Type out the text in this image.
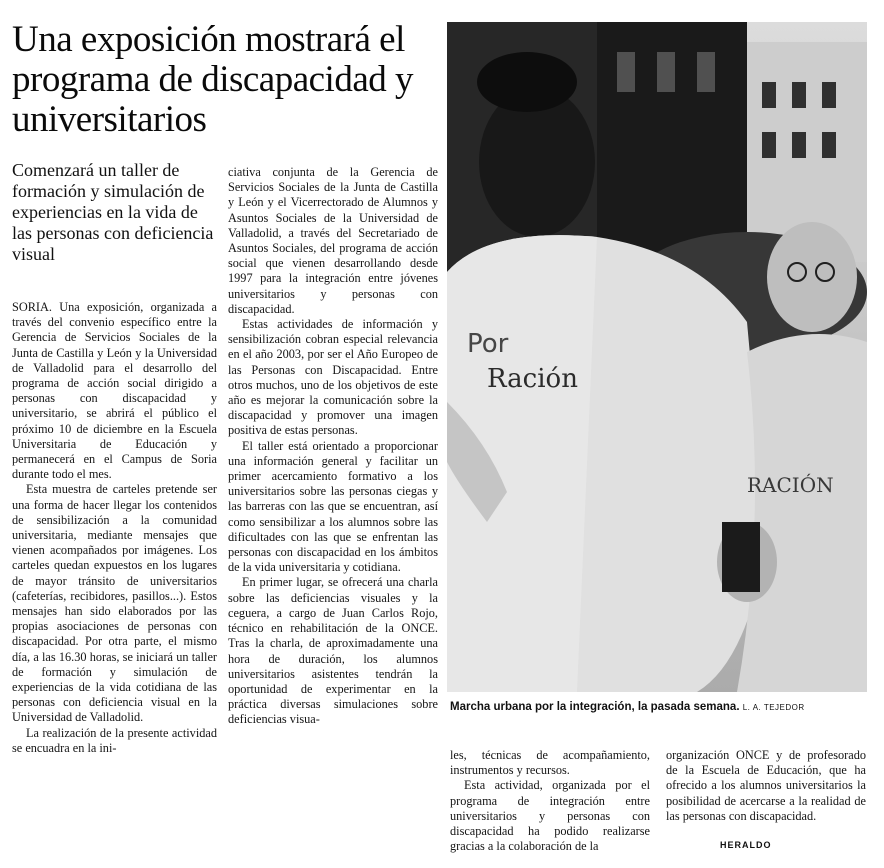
Una exposición mostrará el programa de discapacidad y universitarios

Comenzará un taller de formación y simulación de experiencias en la vida de las personas con deficiencia visual

SORIA. Una exposición, organizada a través del convenio específico entre la Gerencia de Servicios Sociales de la Junta de Castilla y León y la Universidad de Valladolid para el desarrollo del programa de acción social dirigido a personas con discapacidad y universitario, se abrirá el público el próximo 10 de diciembre en la Escuela Universitaria de Educación y permanecerá en el Campus de Soria durante todo el mes.

Esta muestra de carteles pretende ser una forma de hacer llegar los contenidos de sensibilización a la comunidad universitaria, mediante mensajes que vienen acompañados por imágenes. Los carteles quedan expuestos en los lugares de mayor tránsito de universitarios (cafeterías, recibidores, pasillos...). Estos mensajes han sido elaborados por las propias asociaciones de personas con discapacidad. Por otra parte, el mismo día, a las 16.30 horas, se iniciará un taller de formación y simulación de experiencias de la vida cotidiana de las personas con deficiencia visual en la Universidad de Valladolid.

La realización de la presente actividad se encuadra en la ini-

ciativa conjunta de la Gerencia de Servicios Sociales de la Junta de Castilla y León y el Vicerrectorado de Alumnos y Asuntos Sociales de la Universidad de Valladolid, a través del Secretariado de Asuntos Sociales, del programa de acción social que vienen desarrollando desde 1997 para la integración entre jóvenes universitarios y personas con discapacidad.

Estas actividades de información y sensibilización cobran especial relevancia en el año 2003, por ser el Año Europeo de las Personas con Discapacidad. Entre otros muchos, uno de los objetivos de este año es mejorar la comunicación sobre la discapacidad y promover una imagen positiva de estas personas.

El taller está orientado a proporcionar una información general y facilitar un primer acercamiento formativo a los universitarios sobre las personas ciegas y las barreras con las que se encuentran, así como sensibilizar a los alumnos sobre las dificultades con las que se enfrentan las personas con discapacidad en los ámbitos de la vida universitaria y cotidiana.

En primer lugar, se ofrecerá una charla sobre las deficiencias visuales y la ceguera, a cargo de Juan Carlos Rojo, técnico en rehabilitación de la ONCE. Tras la charla, de aproximadamente una hora de duración, los alumnos universitarios asistentes tendrán la oportunidad de experimentar en la práctica diversas simulaciones sobre deficiencias visua-

Por
Ración
RACIÓN
Marcha urbana por la integración, la pasada semana. L. A. TEJEDOR

les, técnicas de acompañamiento, instrumentos y recursos.

Esta actividad, organizada por el programa de integración entre universitarios y personas con discapacidad ha podido realizarse gracias a la colaboración de la

organización ONCE y de profesorado de la Escuela de Educación, que ha ofrecido a los alumnos universitarios la posibilidad de acercarse a la realidad de las personas con discapacidad.

HERALDO
